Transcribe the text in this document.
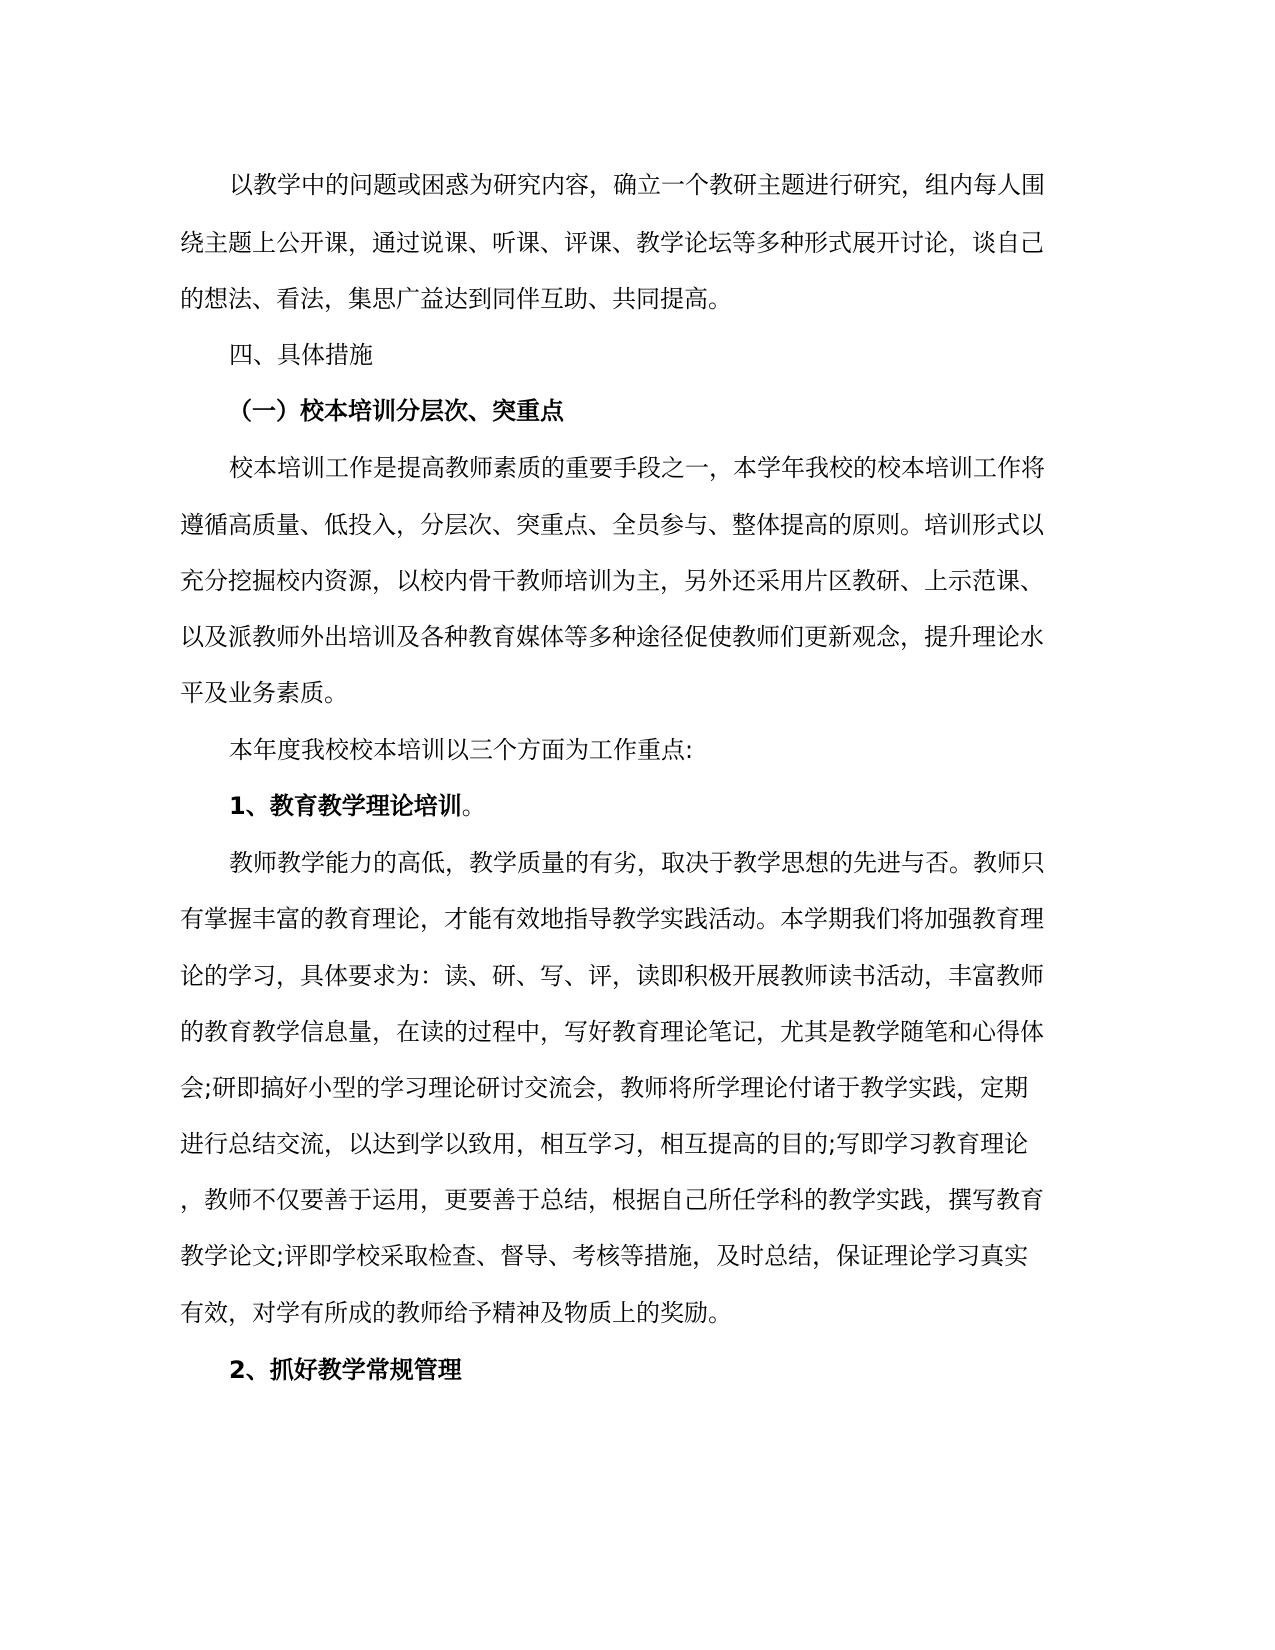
以教学中的问题或困惑为研究内容，确立一个教研主题进行研究，组内每人围
绕主题上公开课，通过说课、听课、评课、教学论坛等多种形式展开讨论，谈自己
的想法、看法，集思广益达到同伴互助、共同提高。
四、具体措施
（一）校本培训分层次、突重点
校本培训工作是提高教师素质的重要手段之一，本学年我校的校本培训工作将
遵循高质量、低投入，分层次、突重点、全员参与、整体提高的原则。培训形式以
充分挖掘校内资源，以校内骨干教师培训为主，另外还采用片区教研、上示范课、
以及派教师外出培训及各种教育媒体等多种途径促使教师们更新观念，提升理论水
平及业务素质。
本年度我校校本培训以三个方面为工作重点:
1、教育教学理论培训。
教师教学能力的高低，教学质量的有劣，取决于教学思想的先进与否。教师只
有掌握丰富的教育理论，才能有效地指导教学实践活动。本学期我们将加强教育理
论的学习，具体要求为：读、研、写、评，读即积极开展教师读书活动，丰富教师
的教育教学信息量，在读的过程中，写好教育理论笔记，尤其是教学随笔和心得体
会;研即搞好小型的学习理论研讨交流会，教师将所学理论付诸于教学实践，定期
进行总结交流，以达到学以致用，相互学习，相互提高的目的;写即学习教育理论
，教师不仅要善于运用，更要善于总结，根据自己所任学科的教学实践，撰写教育
教学论文;评即学校采取检查、督导、考核等措施，及时总结，保证理论学习真实
有效，对学有所成的教师给予精神及物质上的奖励。
2、抓好教学常规管理
